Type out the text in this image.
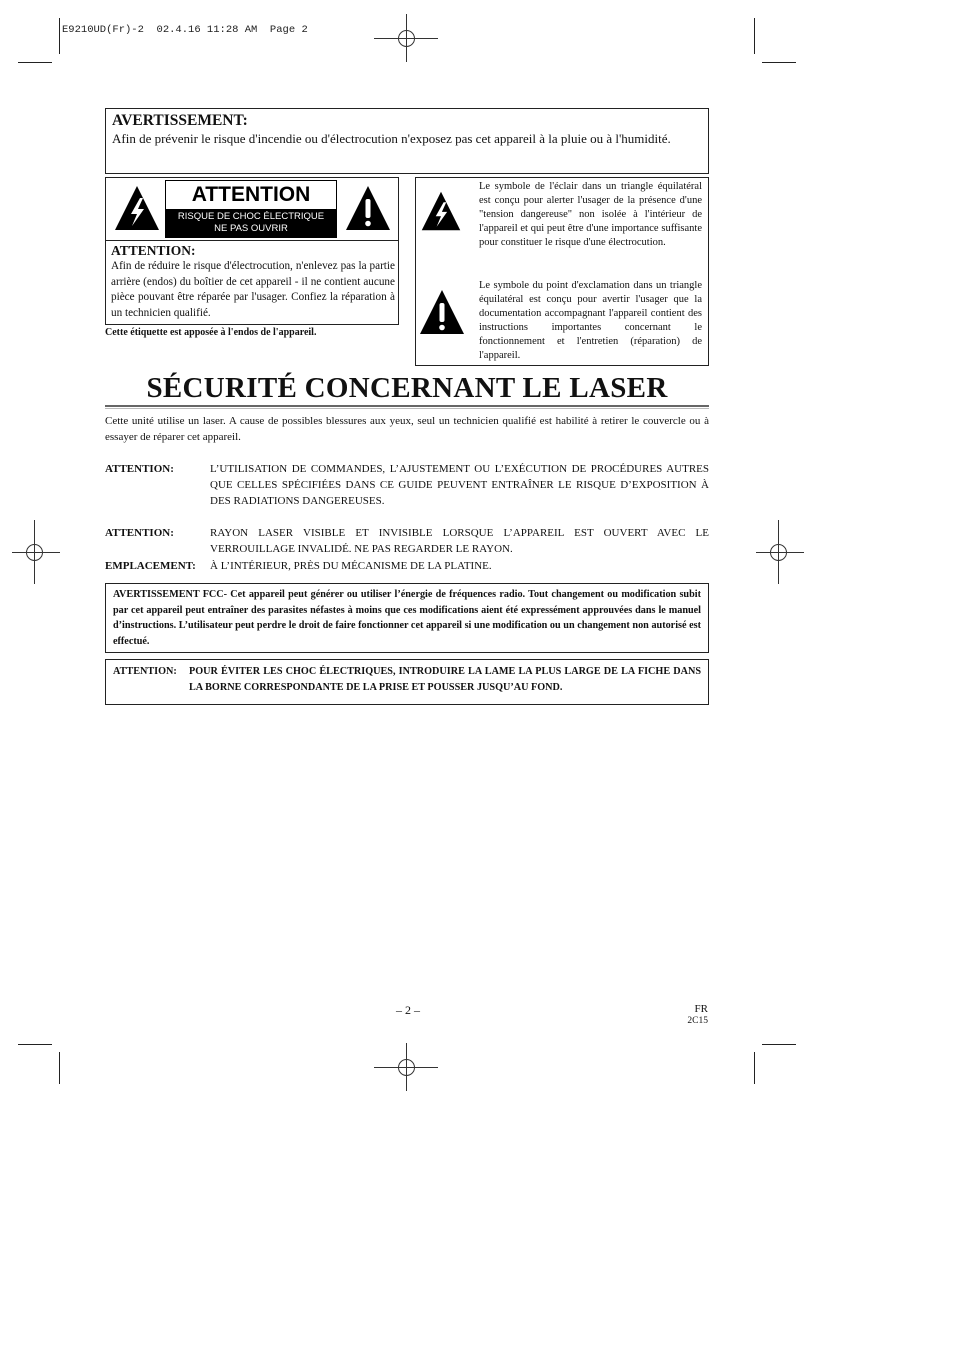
E9210UD(Fr)-2  02.4.16 11:28 AM  Page 2
AVERTISSEMENT:
Afin de prévenir le risque d'incendie ou d'électrocution n'exposez pas cet appareil à la pluie ou à l'humidité.
ATTENTION
RISQUE DE CHOC ÉLECTRIQUE
NE PAS OUVRIR
ATTENTION:
Afin de réduire le risque d'électrocution, n'enlevez pas la partie arrière (endos) du boîtier de cet appareil - il ne contient aucune pièce pouvant être réparée par l'usager. Confiez la réparation à un technicien qualifié.
Cette étiquette est apposée à l'endos de l'appareil.
Le symbole de l'éclair dans un triangle équilatéral est conçu pour alerter l'usager de la présence d'une "tension dangereuse" non isolée à l'intérieur de l'appareil et qui peut être d'une importance suffisante pour constituer le risque d'une électrocution.
Le symbole du point d'exclamation dans un triangle équilatéral est conçu pour avertir l'usager que la documentation accompagnant l'appareil contient des instructions importantes concernant le fonctionnement et l'entretien (réparation) de l'appareil.
SÉCURITÉ CONCERNANT LE LASER
Cette unité utilise un laser. A cause de possibles blessures aux yeux, seul un technicien qualifié est habilité à retirer le couvercle ou à essayer de réparer cet appareil.
ATTENTION:	L’UTILISATION DE COMMANDES, L’AJUSTEMENT OU L’EXÉCUTION DE PROCÉDURES AUTRES QUE CELLES SPÉCIFIÉES DANS CE GUIDE PEUVENT ENTRAÎNER LE RISQUE D’EXPOSITION À DES RADIATIONS DANGEREUSES.
ATTENTION:	RAYON LASER VISIBLE ET INVISIBLE LORSQUE L’APPAREIL EST OUVERT AVEC LE VERROUILLAGE INVALIDÉ. NE PAS REGARDER LE RAYON.
EMPLACEMENT: À L’INTÉRIEUR, PRÈS DU MÉCANISME DE LA PLATINE.
AVERTISSEMENT FCC- Cet appareil peut générer ou utiliser l’énergie de fréquences radio. Tout changement ou modification subit par cet appareil peut entraîner des parasites néfastes à moins que ces modifications aient été expressément approuvées dans le manuel d’instructions. L’utilisateur peut perdre le droit de faire fonctionner cet appareil si une modification ou un changement non autorisé est effectué.
ATTENTION:	POUR ÉVITER LES CHOC ÉLECTRIQUES, INTRODUIRE LA LAME LA PLUS LARGE DE LA FICHE DANS LA BORNE CORRESPONDANTE DE LA PRISE ET POUSSER JUSQU’AU FOND.
– 2 –	FR
2C15
